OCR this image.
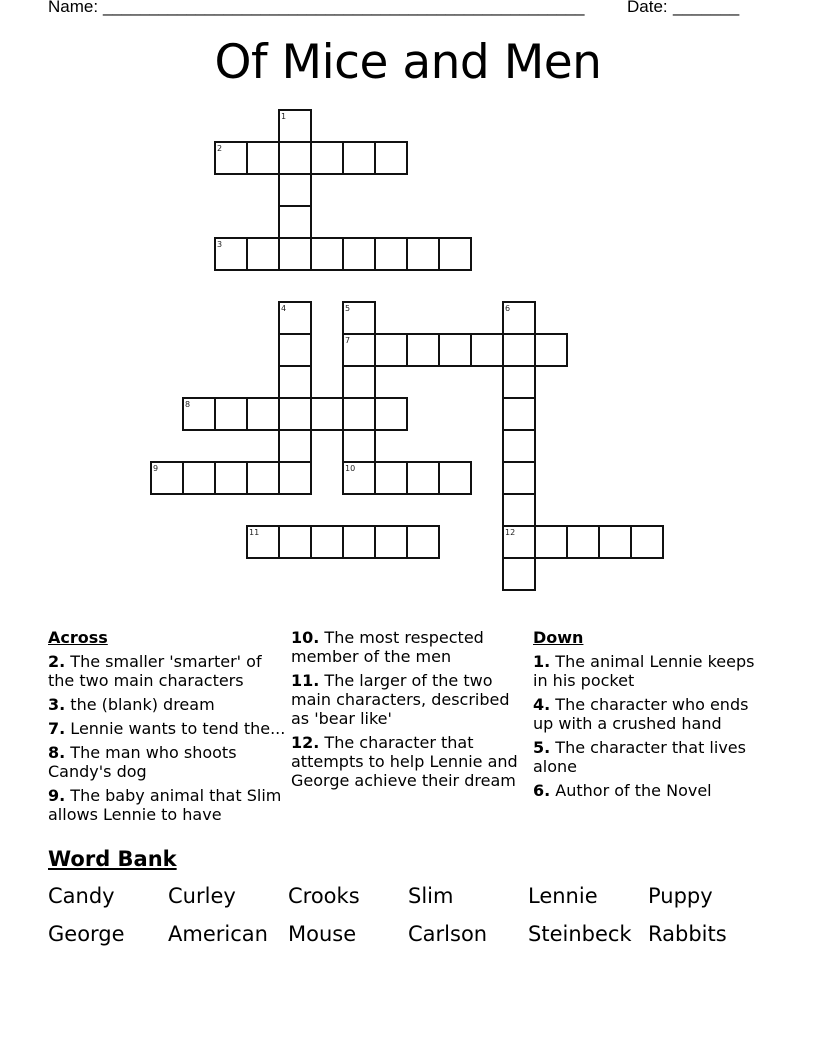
Name: ____________________________________________________	Date: _______
Of Mice and Men
1
2
3
4	5
7
10
6
12
8
9
11
Across
2. The smaller 'smarter' of the two main characters
3. the (blank) dream
7. Lennie wants to tend the...
8. The man who shoots Candy's dog
9. The baby animal that Slim allows Lennie to have
10. The most respected member of the men
11. The larger of the two main characters, described as 'bear like'
12. The character that attempts to help Lennie and George achieve their dream
Down
1. The animal Lennie keeps in his pocket
4. The character who ends up with a crushed hand
5. The character that lives alone
6. Author of the Novel
Word Bank
Candy	Curley Crooks Slim	Lennie Puppy
George American Mouse Carlson Steinbeck Rabbits
